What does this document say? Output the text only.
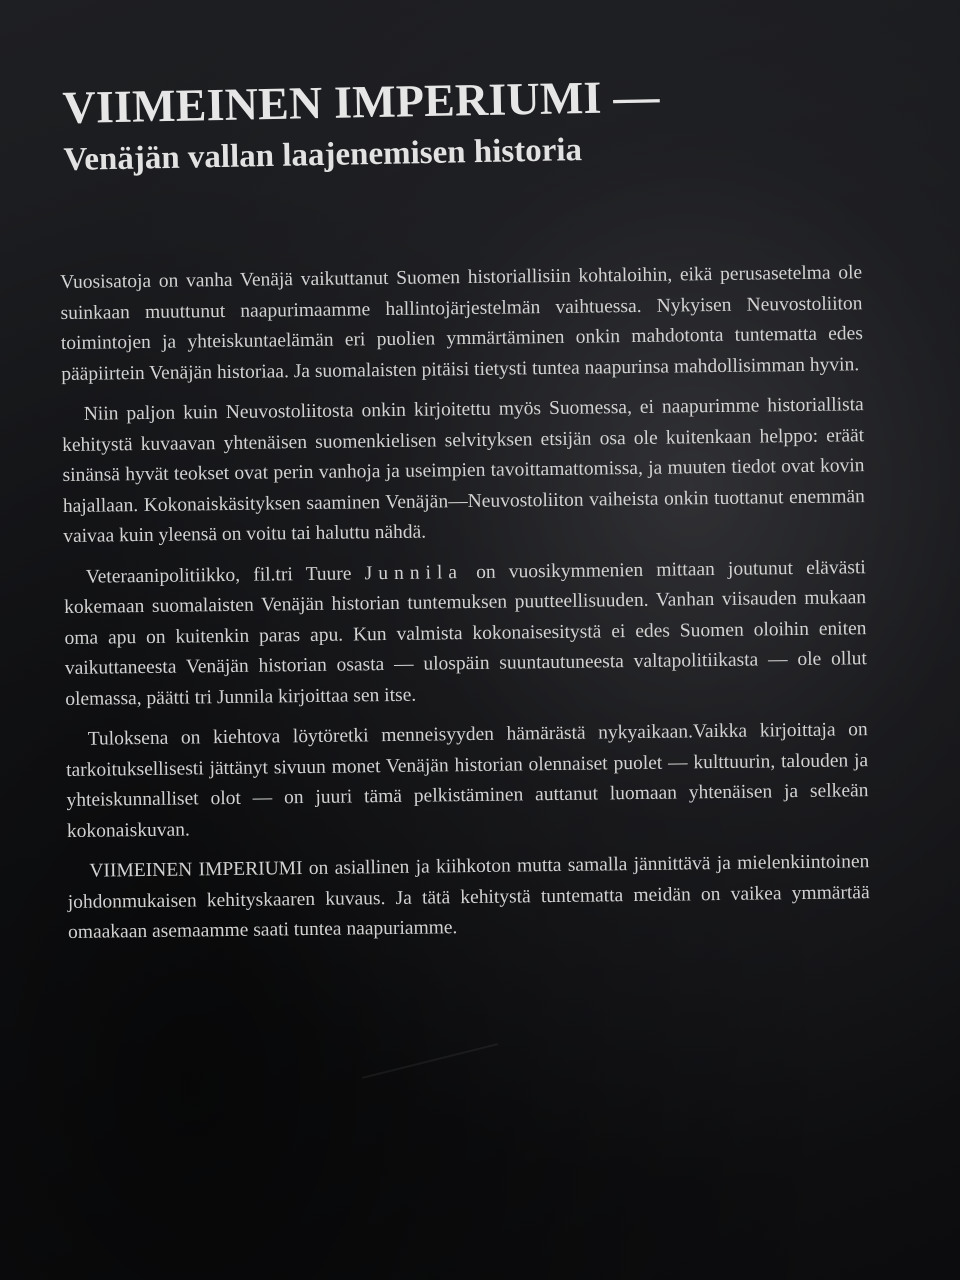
VIIMEINEN IMPERIUMI —
Venäjän vallan laajenemisen historia

Vuosisatoja on vanha Venäjä vaikuttanut Suomen historiallisiin kohtaloihin, eikä perusasetelma ole suinkaan muuttunut naapurimaamme hallintojärjestelmän vaihtuessa. Nykyisen Neuvostoliiton toimintojen ja yhteiskuntaelämän eri puolien ymmärtäminen onkin mahdotonta tuntematta edes pääpiirtein Venäjän historiaa. Ja suomalaisten pitäisi tietysti tuntea naapurinsa mahdollisimman hyvin.

Niin paljon kuin Neuvostoliitosta onkin kirjoitettu myös Suomessa, ei naapurimme historiallista kehitystä kuvaavan yhtenäisen suomenkielisen selvityksen etsijän osa ole kuitenkaan helppo: eräät sinänsä hyvät teokset ovat perin vanhoja ja useimpien tavoittamattomissa, ja muuten tiedot ovat kovin hajallaan. Kokonaiskäsityksen saaminen Venäjän—Neuvostoliiton vaiheista onkin tuottanut enemmän vaivaa kuin yleensä on voitu tai haluttu nähdä.

Veteraanipolitiikko, fil.tri Tuure Junnila on vuosikymmenien mittaan joutunut elävästi kokemaan suomalaisten Venäjän historian tuntemuksen puutteellisuuden. Vanhan viisauden mukaan oma apu on kuitenkin paras apu. Kun valmista kokonaisesitystä ei edes Suomen oloihin eniten vaikuttaneesta Venäjän historian osasta — ulospäin suuntautuneesta valtapolitiikasta — ole ollut olemassa, päätti tri Junnila kirjoittaa sen itse.

Tuloksena on kiehtova löytöretki menneisyyden hämärästä nykyaikaan.Vaikka kirjoittaja on tarkoituksellisesti jättänyt sivuun monet Venäjän historian olennaiset puolet — kulttuurin, talouden ja yhteiskunnalliset olot — on juuri tämä pelkistäminen auttanut luomaan yhtenäisen ja selkeän kokonaiskuvan.

VIIMEINEN IMPERIUMI on asiallinen ja kiihkoton mutta samalla jännittävä ja mielenkiintoinen johdonmukaisen kehityskaaren kuvaus. Ja tätä kehitystä tuntematta meidän on vaikea ymmärtää omaakaan asemaamme saati tuntea naapuriamme.
